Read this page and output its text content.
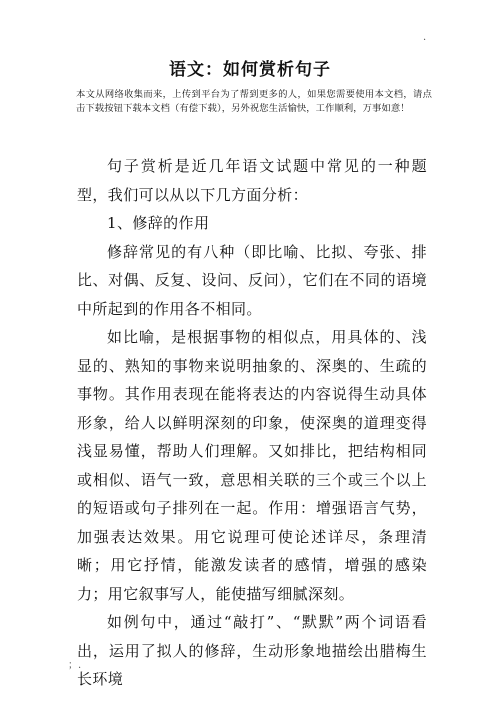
·
语文：如何赏析句子
本文从网络收集而来，上传到平台为了帮到更多的人，如果您需要使用本文档，请点击下载按钮下载本文档（有偿下载），另外祝您生活愉快，工作顺利，万事如意！

句子赏析是近几年语文试题中常见的一种题型，我们可以从以下几方面分析：

1、修辞的作用

修辞常见的有八种（即比喻、比拟、夸张、排比、对偶、反复、设问、反问），它们在不同的语境中所起到的作用各不相同。

如比喻，是根据事物的相似点，用具体的、浅显的、熟知的事物来说明抽象的、深奥的、生疏的事物。其作用表现在能将表达的内容说得生动具体形象，给人以鲜明深刻的印象，使深奥的道理变得浅显易懂，帮助人们理解。又如排比，把结构相同或相似、语气一致，意思相关联的三个或三个以上的短语或句子排列在一起。作用：增强语言气势，加强表达效果。用它说理可使论述详尽，条理清晰；用它抒情，能激发读者的感情，增强的感染力；用它叙事写人，能使描写细腻深刻。

如例句中，通过“敲打”、“默默”两个词语看出，运用了拟人的修辞，生动形象地描绘出腊梅生长环境

；.
